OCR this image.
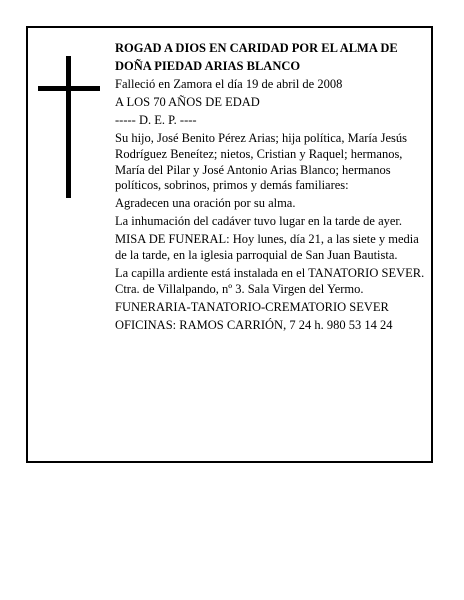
ROGAD A DIOS EN CARIDAD POR EL ALMA DE
DOÑA PIEDAD ARIAS BLANCO
Falleció en Zamora el día 19 de abril de 2008
A LOS 70 AÑOS DE EDAD
----- D. E. P. ----
Su hijo, José Benito Pérez Arias; hija política, María Jesús Rodríguez Beneítez; nietos, Cristian y Raquel; hermanos, María del Pilar y José Antonio Arias Blanco; hermanos políticos, sobrinos, primos y demás familiares:
Agradecen una oración por su alma.
La inhumación del cadáver tuvo lugar en la tarde de ayer.
MISA DE FUNERAL: Hoy lunes, día 21, a las siete y media de la tarde, en la iglesia parroquial de San Juan Bautista.
La capilla ardiente está instalada en el TANATORIO SEVER. Ctra. de Villalpando, nº 3. Sala Virgen del Yermo.
FUNERARIA-TANATORIO-CREMATORIO SEVER
OFICINAS: RAMOS CARRIÓN, 7 24 h. 980 53 14 24
